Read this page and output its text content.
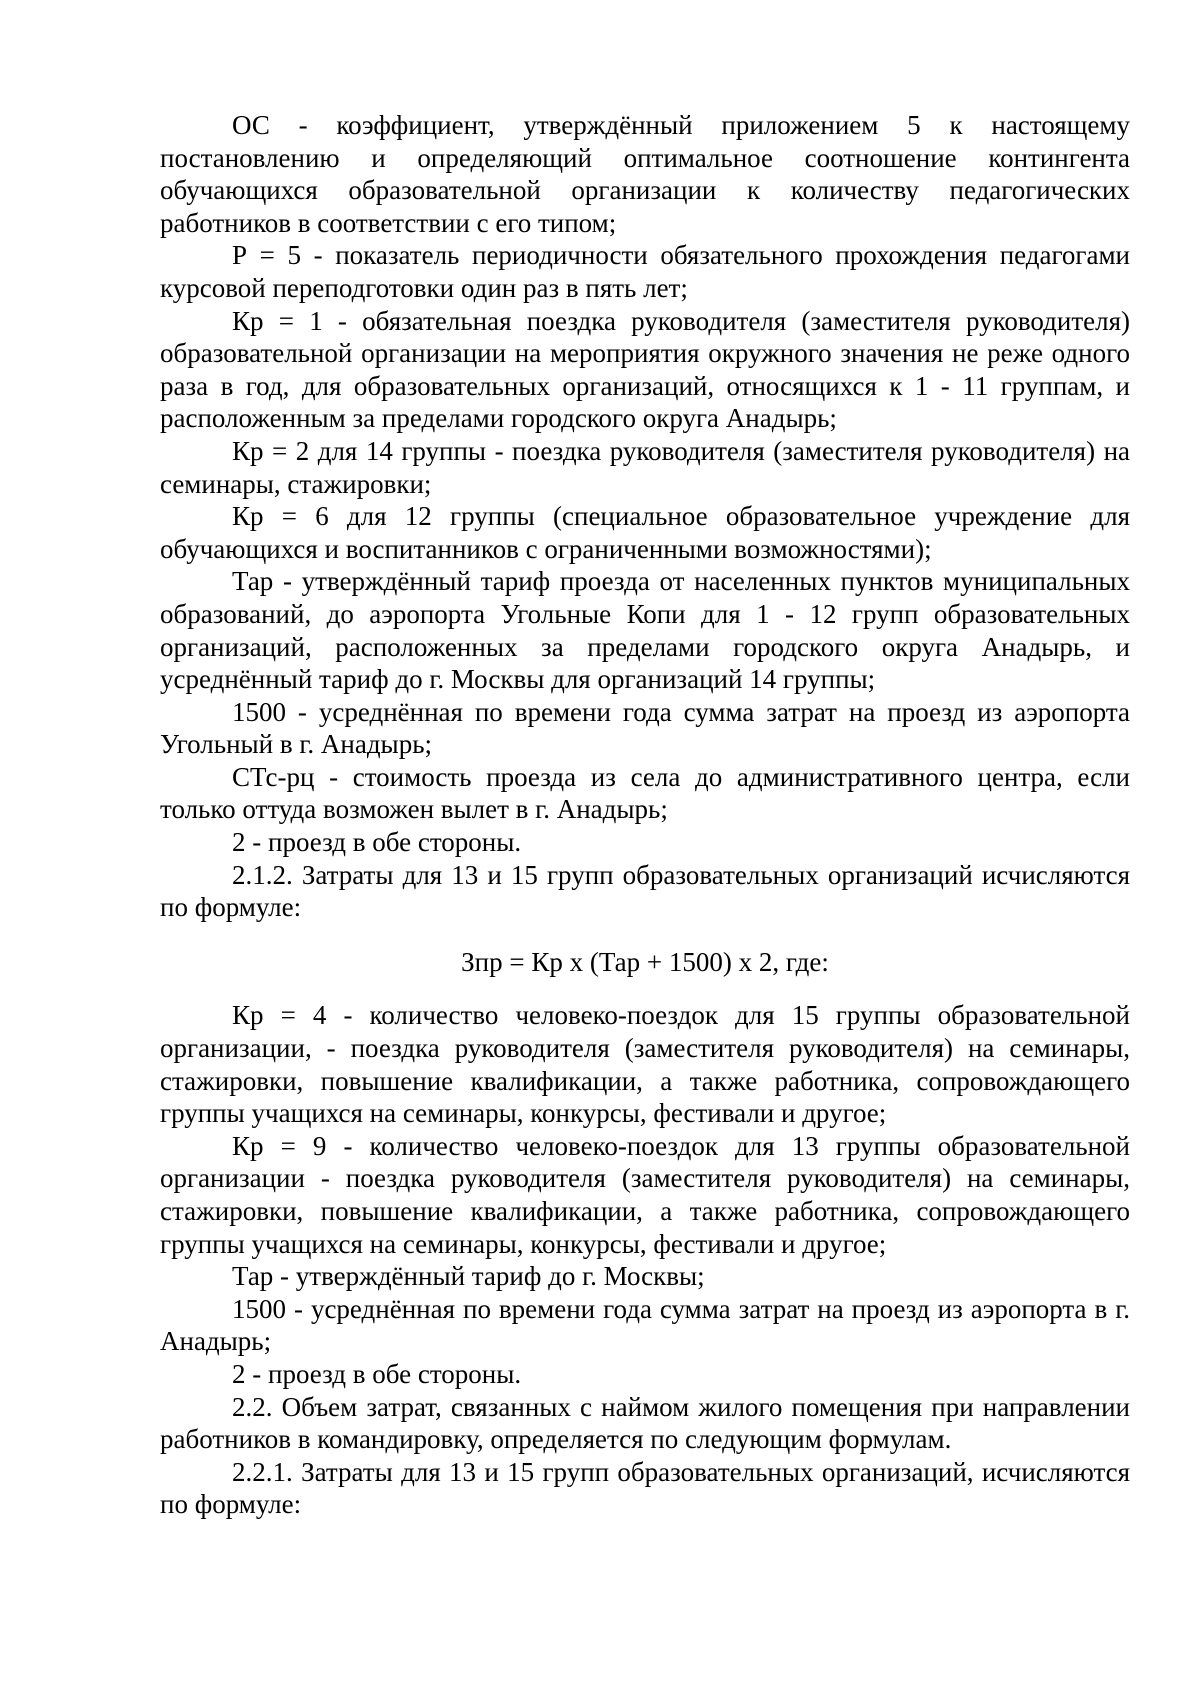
ОС - коэффициент, утверждённый приложением 5 к настоящему постановлению и определяющий оптимальное соотношение контингента обучающихся образовательной организации к количеству педагогических работников в соответствии с его типом;

Р = 5 - показатель периодичности обязательного прохождения педагогами курсовой переподготовки один раз в пять лет;

Кр = 1 - обязательная поездка руководителя (заместителя руководителя) образовательной организации на мероприятия окружного значения не реже одного раза в год, для образовательных организаций, относящихся к 1 - 11 группам, и расположенным за пределами городского округа Анадырь;

Кр = 2 для 14 группы - поездка руководителя (заместителя руководителя) на семинары, стажировки;

Кр = 6 для 12 группы (специальное образовательное учреждение для обучающихся и воспитанников с ограниченными возможностями);

Тар - утверждённый тариф проезда от населенных пунктов муниципальных образований, до аэропорта Угольные Копи для 1 - 12 групп образовательных организаций, расположенных за пределами городского округа Анадырь, и усреднённый тариф до г. Москвы для организаций 14 группы;

1500 - усреднённая по времени года сумма затрат на проезд из аэропорта Угольный в г. Анадырь;

СТс-рц - стоимость проезда из села до административного центра, если только оттуда возможен вылет в г. Анадырь;

2 - проезд в обе стороны.

2.1.2. Затраты для 13 и 15 групп образовательных организаций исчисляются по формуле:

Зпр = Кр х (Тар + 1500) х 2, где:

Кр = 4 - количество человеко-поездок для 15 группы образовательной организации, - поездка руководителя (заместителя руководителя) на семинары, стажировки, повышение квалификации, а также работника, сопровождающего группы учащихся на семинары, конкурсы, фестивали и другое;

Кр = 9 - количество человеко-поездок для 13 группы образовательной организации - поездка руководителя (заместителя руководителя) на семинары, стажировки, повышение квалификации, а также работника, сопровождающего группы учащихся на семинары, конкурсы, фестивали и другое;

Тар - утверждённый тариф до г. Москвы;

1500 - усреднённая по времени года сумма затрат на проезд из аэропорта в г. Анадырь;

2 - проезд в обе стороны.

2.2. Объем затрат, связанных с наймом жилого помещения при направлении работников в командировку, определяется по следующим формулам.

2.2.1. Затраты для 13 и 15 групп образовательных организаций, исчисляются по формуле:
